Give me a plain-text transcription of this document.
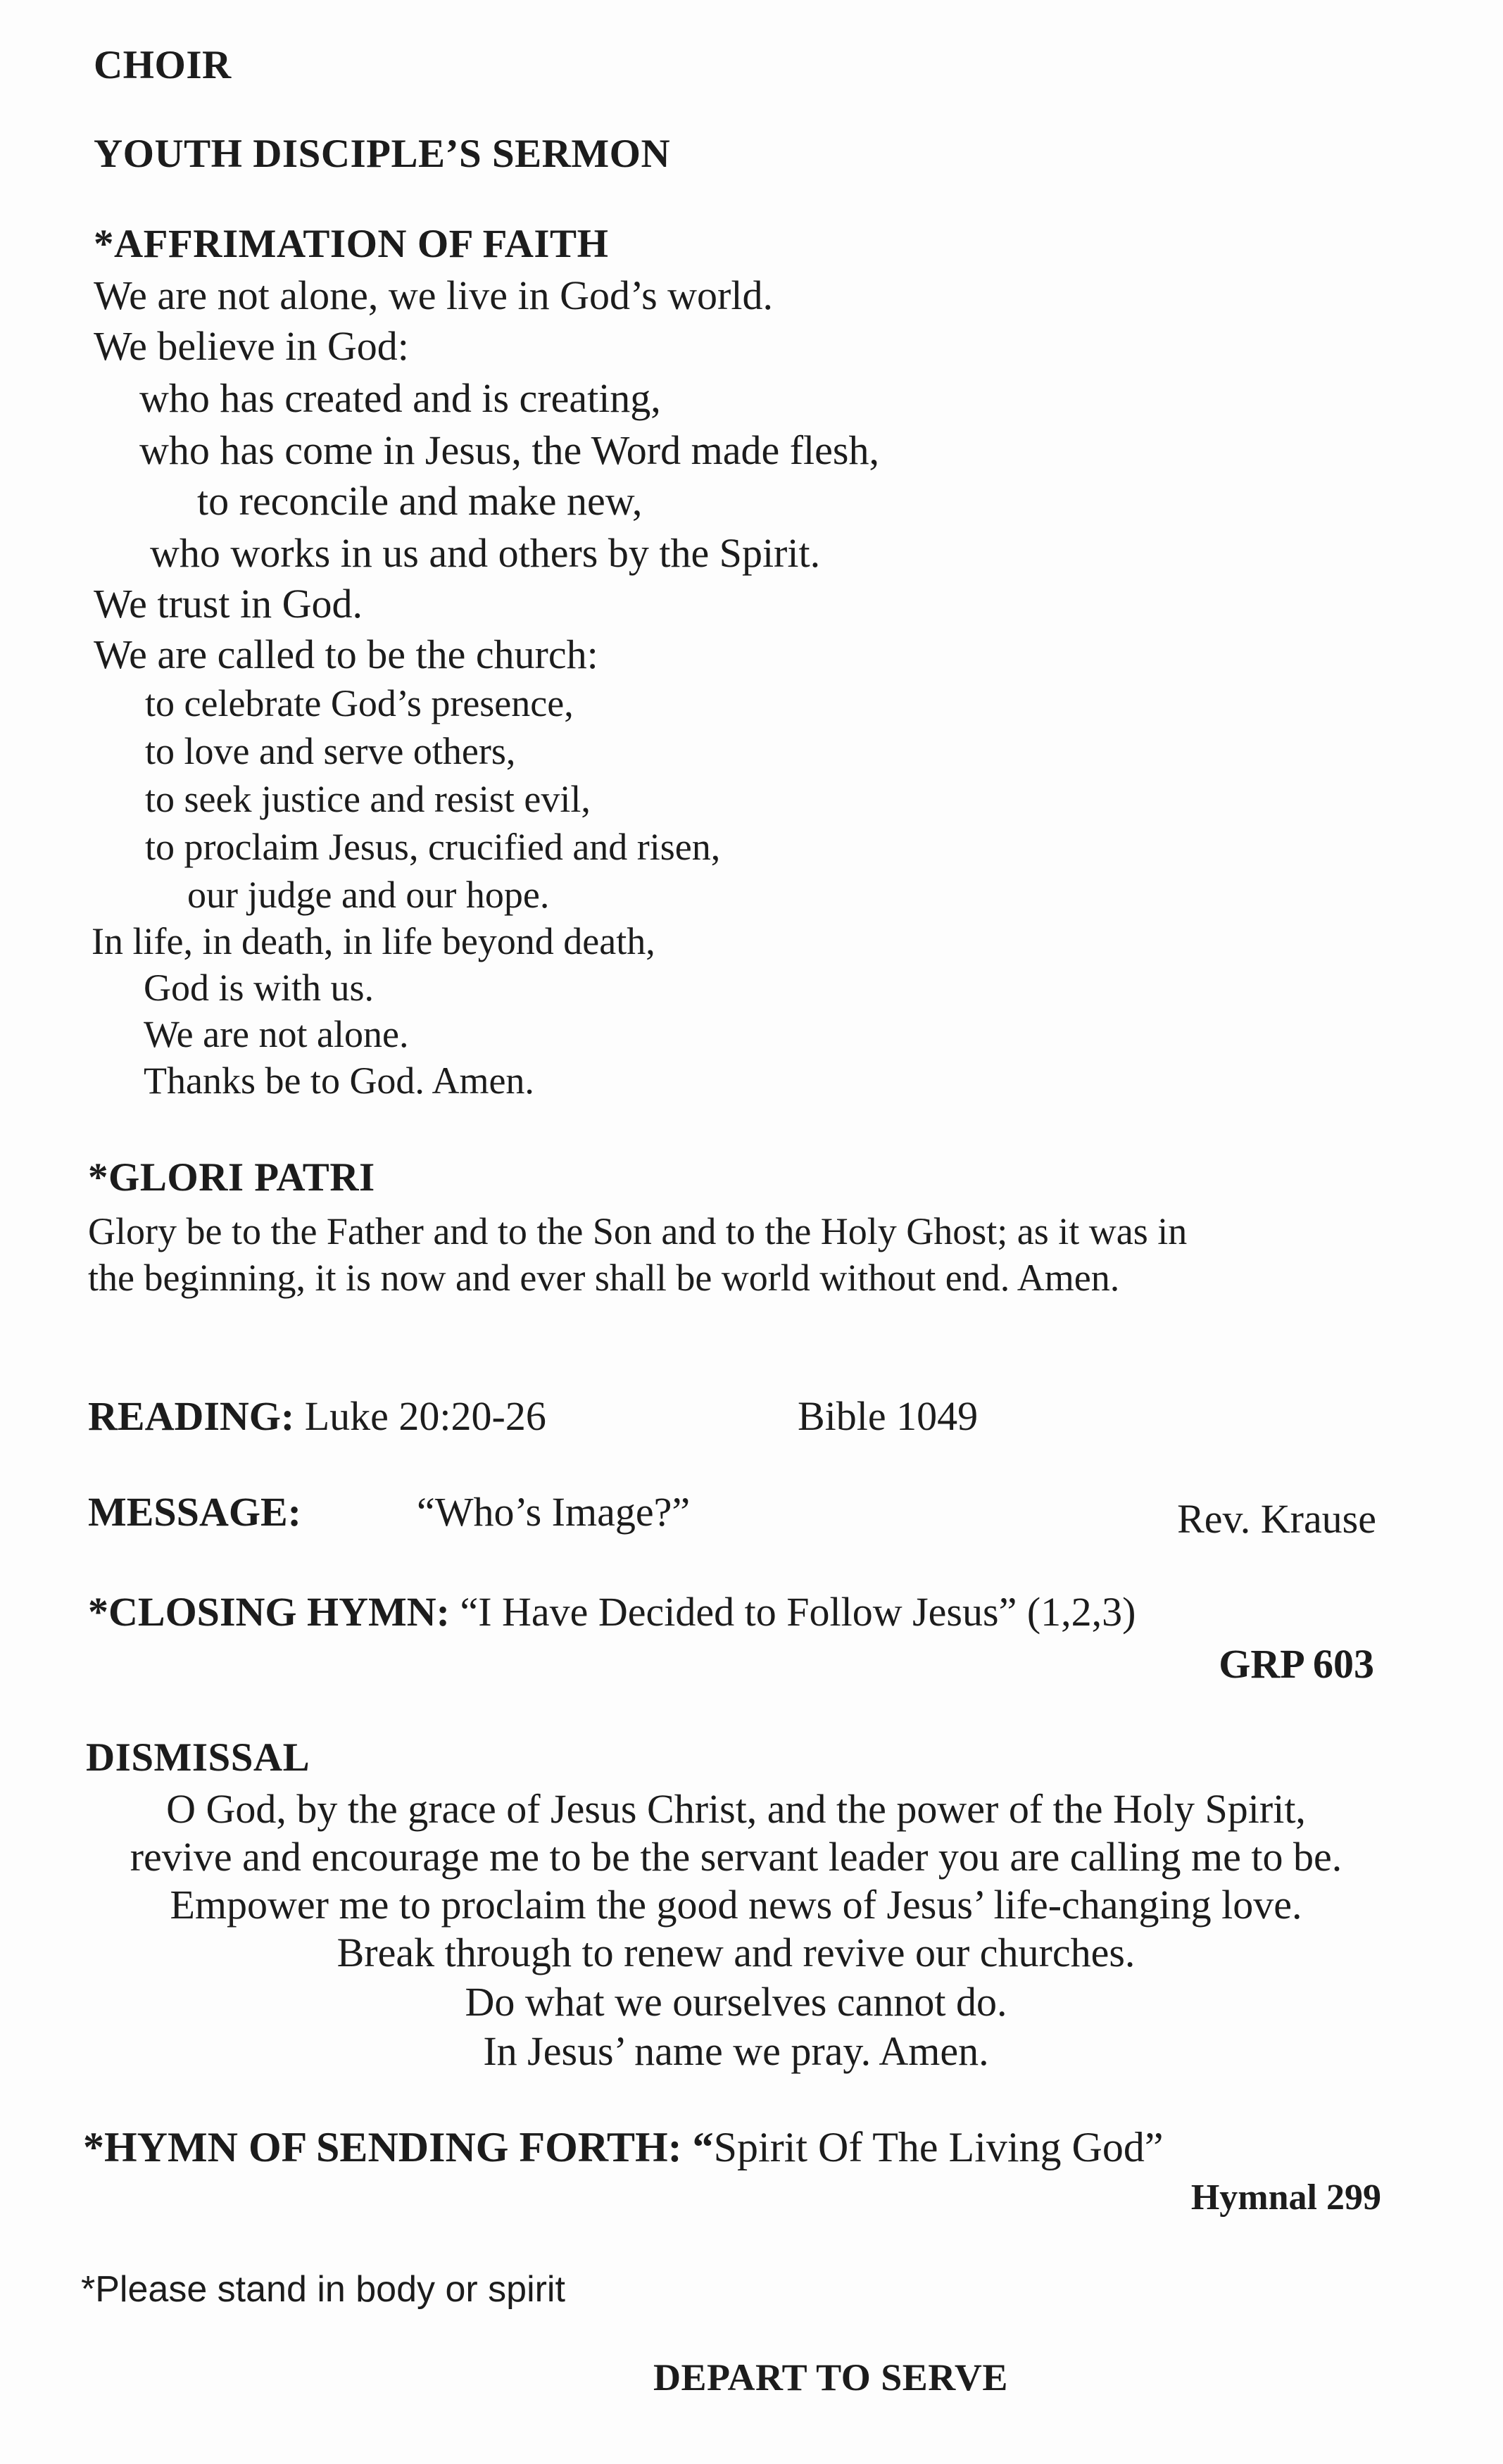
CHOIR
YOUTH DISCIPLE’S SERMON
*AFFRIMATION OF FAITH
We are not alone, we live in God’s world.
We believe in God:
who has created and is creating,
who has come in Jesus, the Word made flesh,
to reconcile and make new,
who works in us and others by the Spirit.
We trust in God.
We are called to be the church:
to celebrate God’s presence,
to love and serve others,
to seek justice and resist evil,
to proclaim Jesus, crucified and risen,
our judge and our hope.
In life, in death, in life beyond death,
God is with us.
We are not alone.
Thanks be to God. Amen.
*GLORI PATRI
Glory be to the Father and to the Son and to the Holy Ghost; as it was in
the beginning, it is now and ever shall be world without end. Amen.
READING: Luke 20:20-26	Bible 1049
MESSAGE:	“Who’s Image?”	Rev. Krause
*CLOSING HYMN: “I Have Decided to Follow Jesus” (1,2,3)
GRP 603
DISMISSAL
O God, by the grace of Jesus Christ, and the power of the Holy Spirit,
revive and encourage me to be the servant leader you are calling me to be.
Empower me to proclaim the good news of Jesus’ life-changing love.
Break through to renew and revive our churches.
Do what we ourselves cannot do.
In Jesus’ name we pray. Amen.
*HYMN OF SENDING FORTH: “Spirit Of The Living God”
Hymnal 299
*Please stand in body or spirit
DEPART TO SERVE
